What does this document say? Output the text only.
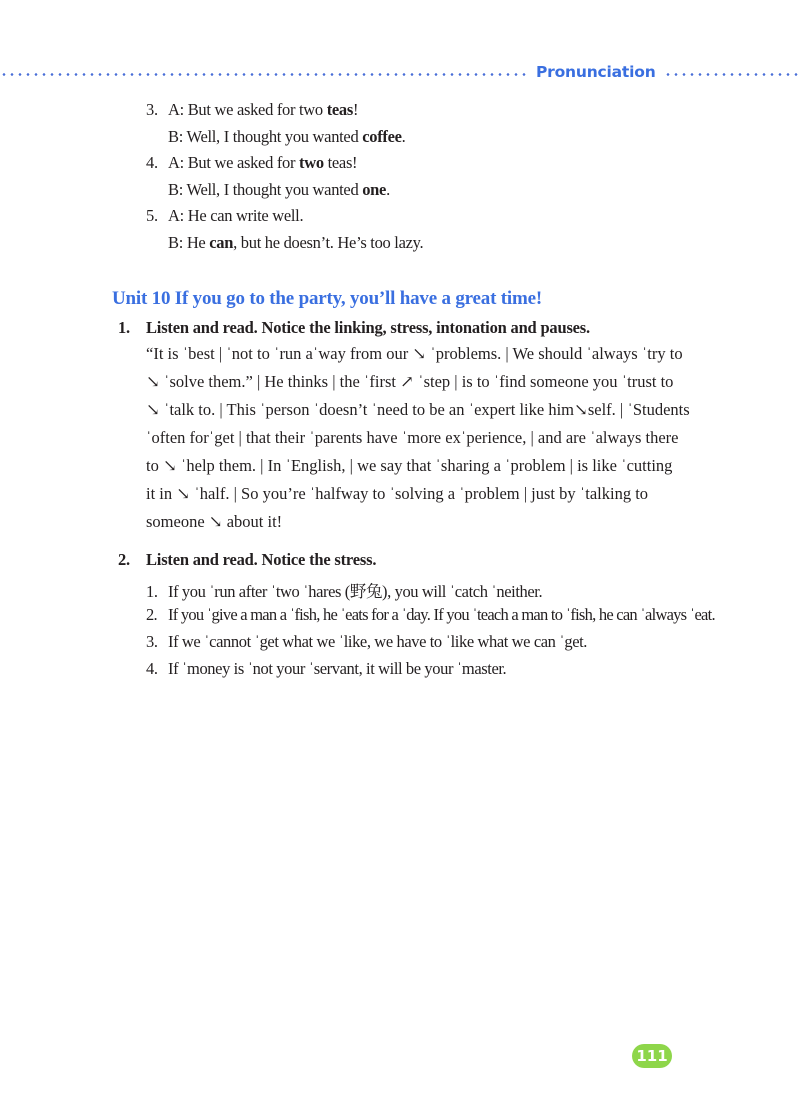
Pronunciation
3. A: But we asked for two teas!
B: Well, I thought you wanted coffee.
4. A: But we asked for two teas!
B: Well, I thought you wanted one.
5. A: He can write well.
B: He can, but he doesn’t. He’s too lazy.
Unit 10 If you go to the party, you’ll have a great time!
1. Listen and read. Notice the linking, stress, intonation and pauses.
“It is ˈbest | ˈnot to ˈrun aˈway from our ↘ ˈproblems. | We should ˈalways ˈtry to
↘ ˈsolve them.” | He thinks | the ˈfirst ↗ ˈstep | is to ˈfind someone you ˈtrust to
↘ ˈtalk to. | This ˈperson ˈdoesn’t ˈneed to be an ˈexpert like him↘self. | ˈStudents
ˈoften forˈget | that their ˈparents have ˈmore exˈperience, | and are ˈalways there
to ↘ ˈhelp them. | In ˈEnglish, | we say that ˈsharing a ˈproblem | is like ˈcutting
it in ↘ ˈhalf. | So you’re ˈhalfway to ˈsolving a ˈproblem | just by ˈtalking to
someone ↘ about it!
2. Listen and read. Notice the stress.
1. If you ˈrun after ˈtwo ˈhares (野兔), you will ˈcatch ˈneither.
2. If you ˈgive a man a ˈfish, he ˈeats for a ˈday. If you ˈteach a man to ˈfish, he can ˈalways ˈeat.
3. If we ˈcannot ˈget what we ˈlike, we have to ˈlike what we can ˈget.
4. If ˈmoney is ˈnot your ˈservant, it will be your ˈmaster.
111
